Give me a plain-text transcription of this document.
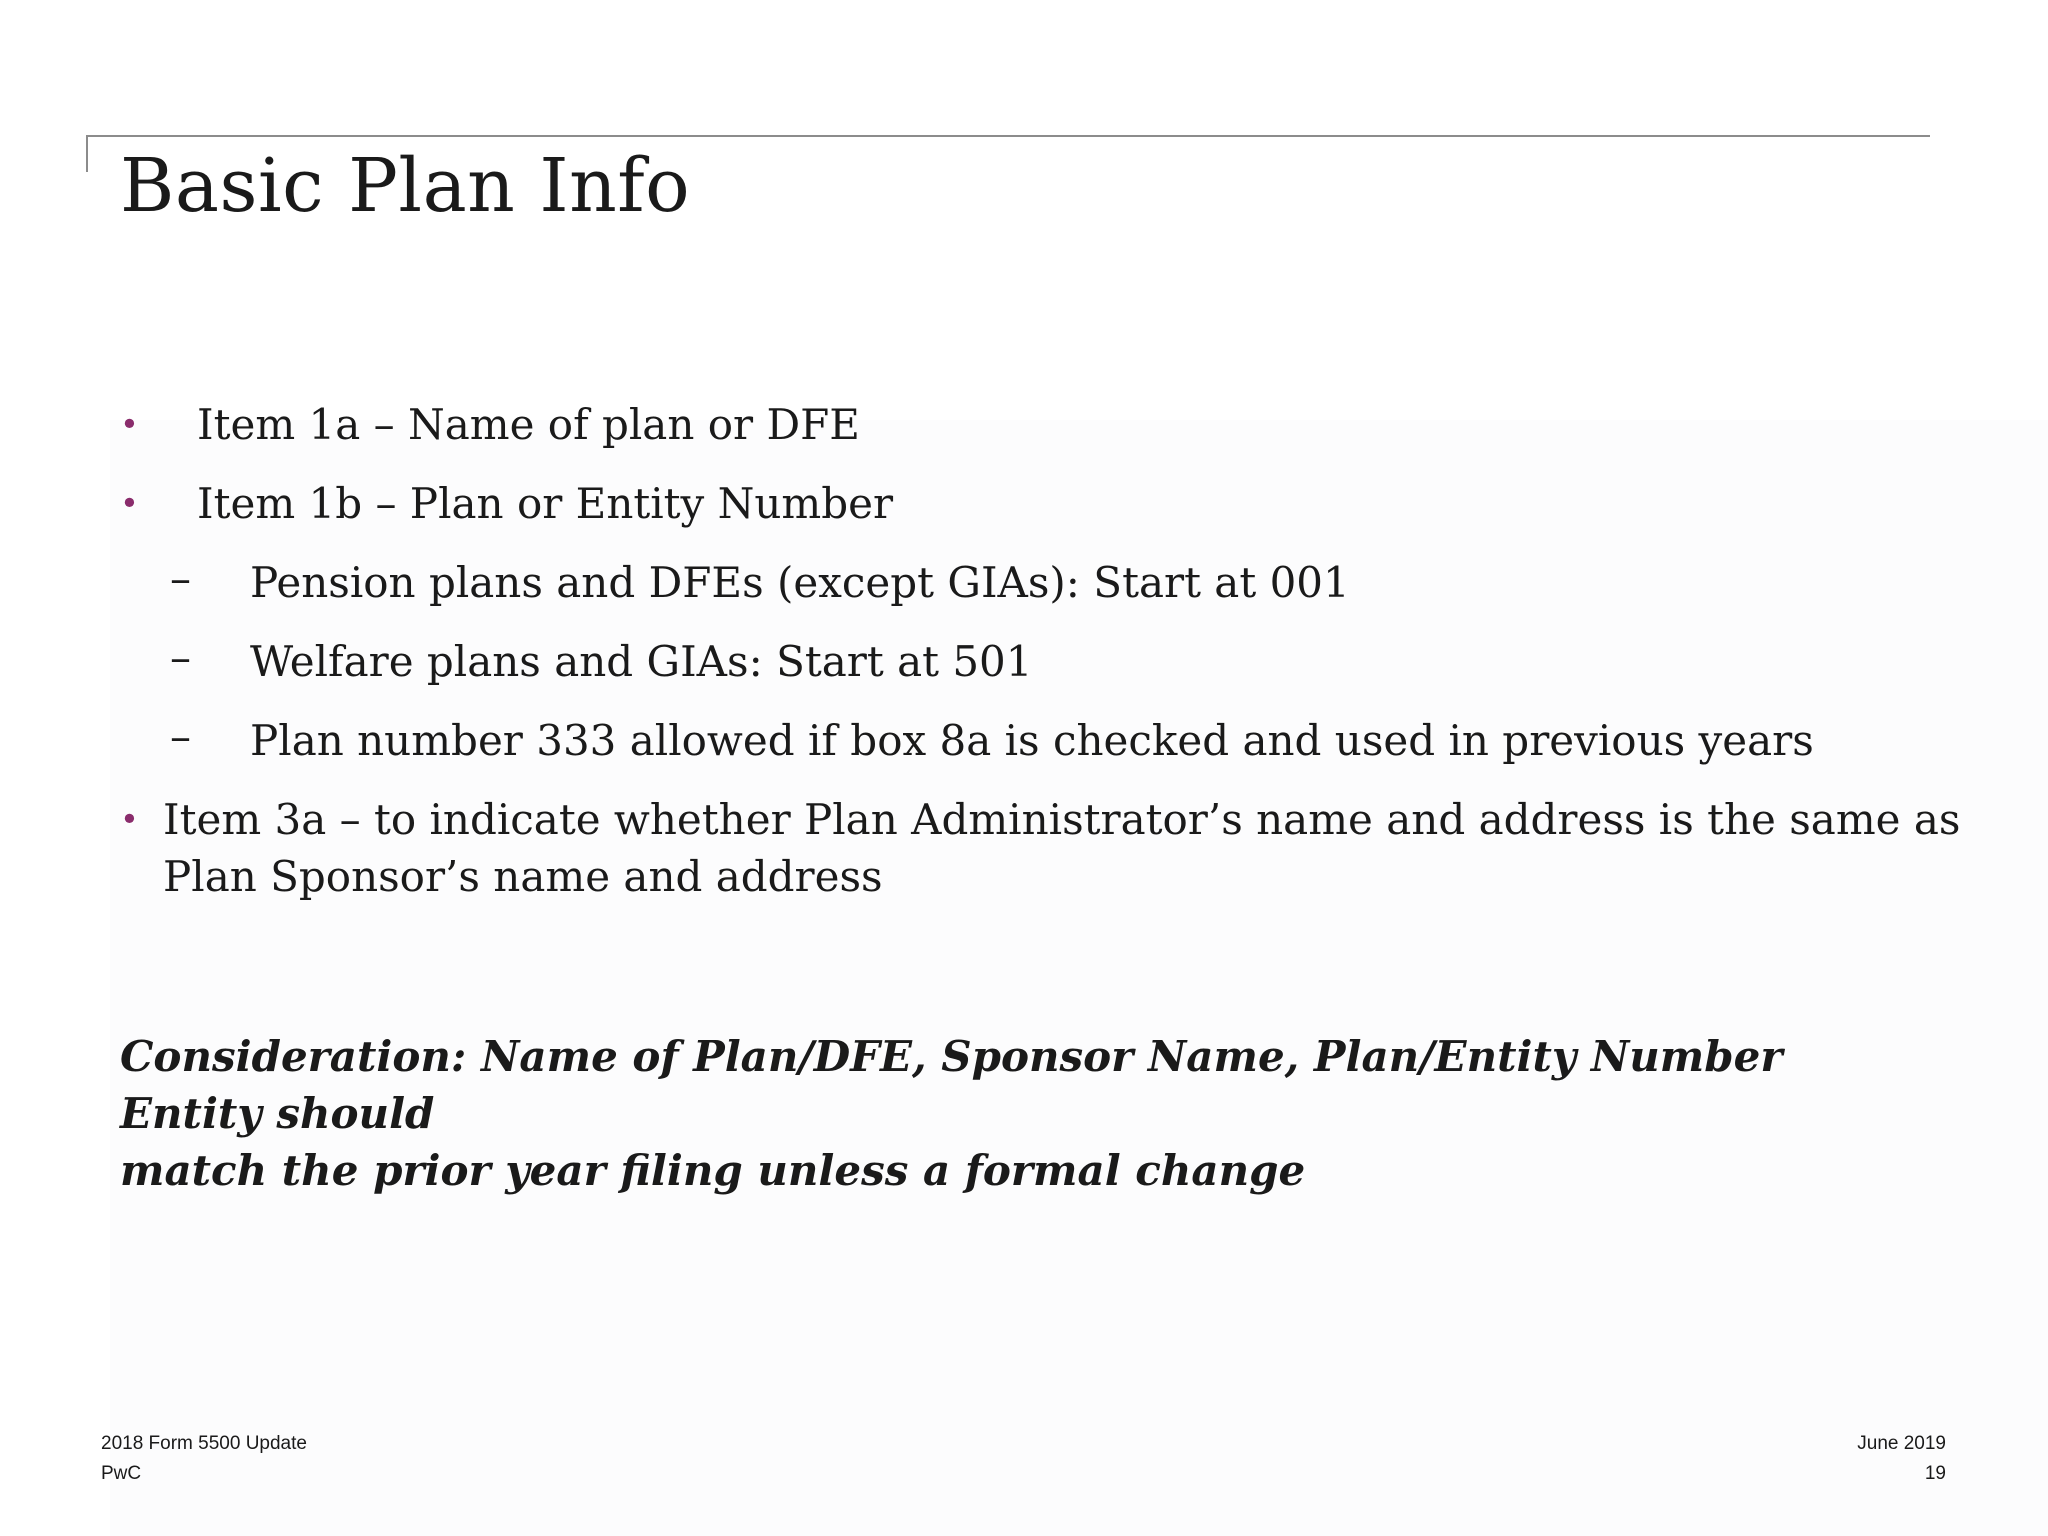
Basic Plan Info
• Item 1a – Name of plan or DFE
• Item 1b – Plan or Entity Number
– Pension plans and DFEs (except GIAs): Start at 001
– Welfare plans and GIAs: Start at 501
– Plan number 333 allowed if box 8a is checked and used in previous years
• Item 3a – to indicate whether Plan Administrator’s name and address is the same as
Plan Sponsor’s name and address

Consideration: Name of Plan/DFE, Sponsor Name, Plan/Entity Number Entity should
match the prior year filing unless a formal change

2018 Form 5500 Update
PwC
June 2019
19
